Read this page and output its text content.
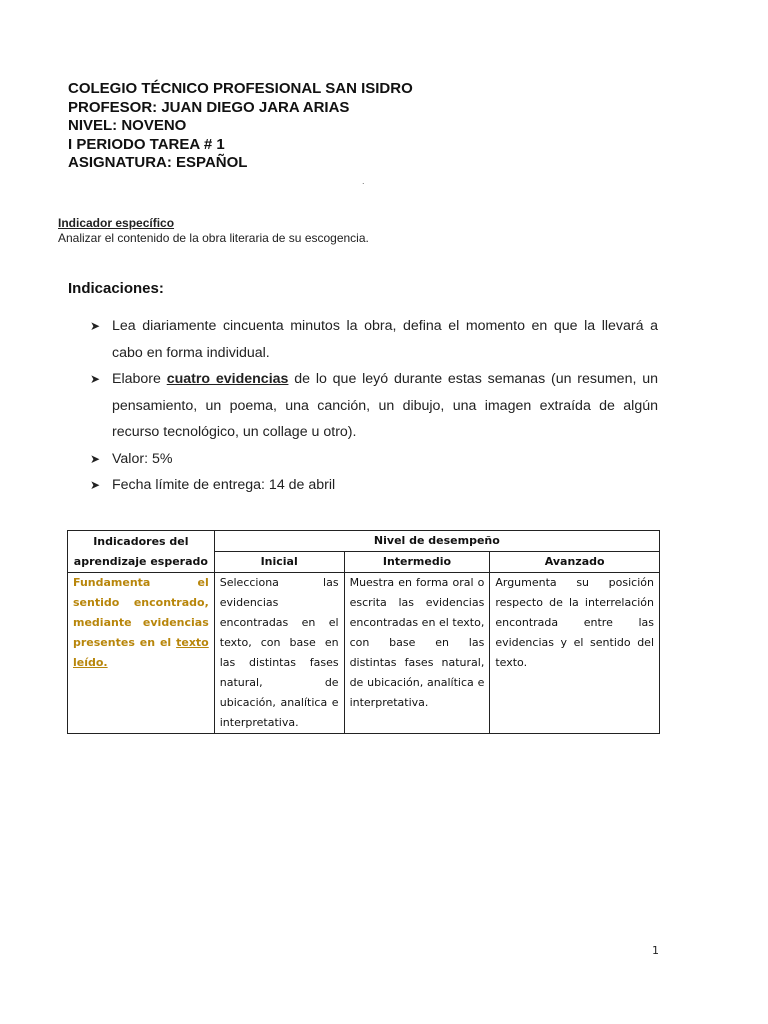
COLEGIO TÉCNICO PROFESIONAL SAN ISIDRO
PROFESOR: JUAN DIEGO JARA ARIAS
NIVEL: NOVENO
I PERIODO TAREA # 1
ASIGNATURA: ESPAÑOL
.
Indicador específico
Analizar el contenido de la obra literaria de su escogencia.
Indicaciones:
➤ Lea diariamente cincuenta minutos la obra, defina el momento en que la llevará a cabo en forma individual.
➤ Elabore cuatro evidencias de lo que leyó durante estas semanas (un resumen, un pensamiento, un poema, una canción, un dibujo, una imagen extraída de algún recurso tecnológico, un collage u otro).
➤ Valor: 5%
➤ Fecha límite de entrega: 14 de abril
Indicadores del aprendizaje esperado	Nivel de desempeño		
	Inicial	Intermedio	Avanzado
Fundamenta el sentido encontrado, mediante evidencias presentes en el texto leído.	Selecciona las evidencias encontradas en el texto, con base en las distintas fases natural, de ubicación, analítica e interpretativa.	Muestra en forma oral o escrita las evidencias encontradas en el texto, con base en las distintas fases natural, de ubicación, analítica e interpretativa.	Argumenta su posición respecto de la interrelación encontrada entre las evidencias y el sentido del texto.
1
